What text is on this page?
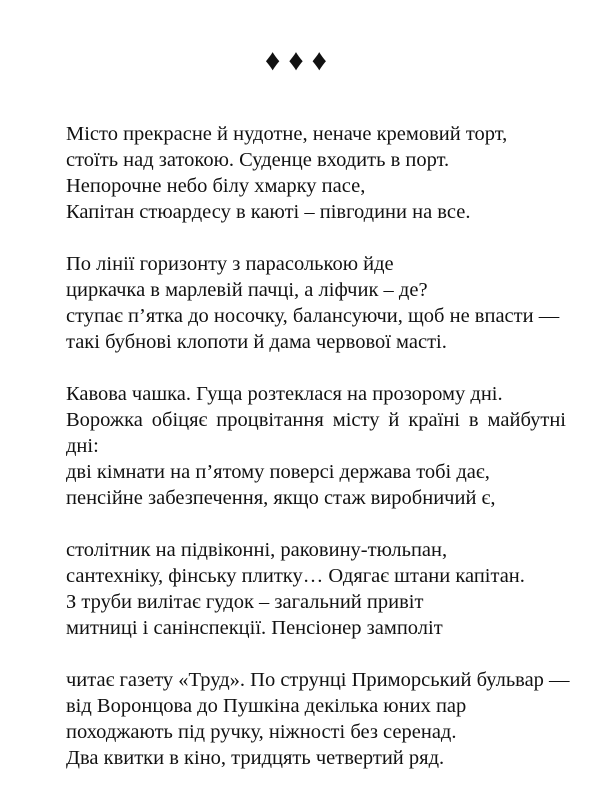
♦♦♦
Місто прекрасне й нудотне, неначе кремовий торт,
стоїть над затокою. Суденце входить в порт.
Непорочне небо білу хмарку пасе,
Капітан стюардесу в каюті – півгодини на все.
По лінії горизонту з парасолькою йде
циркачка в марлевій пачці, а ліфчик – де?
ступає п’ятка до носочку, балансуючи, щоб не впасти —
такі бубнові клопоти й дама червової масті.
Кавова чашка. Гуща розтеклася на прозорому дні.
Ворожка обіцяє процвітання місту й країні в майбутні
дні:
дві кімнати на п’ятому поверсі держава тобі дає,
пенсійне забезпечення, якщо стаж виробничий є,
столітник на підвіконні, раковину-тюльпан,
сантехніку, фінську плитку… Одягає штани капітан.
З труби вилітає гудок – загальний привіт
митниці і санінспекції. Пенсіонер замполіт
читає газету «Труд». По струнці Приморський бульвар —
від Воронцова до Пушкіна декілька юних пар
походжають під ручку, ніжності без серенад.
Два квитки в кіно, тридцять четвертий ряд.
